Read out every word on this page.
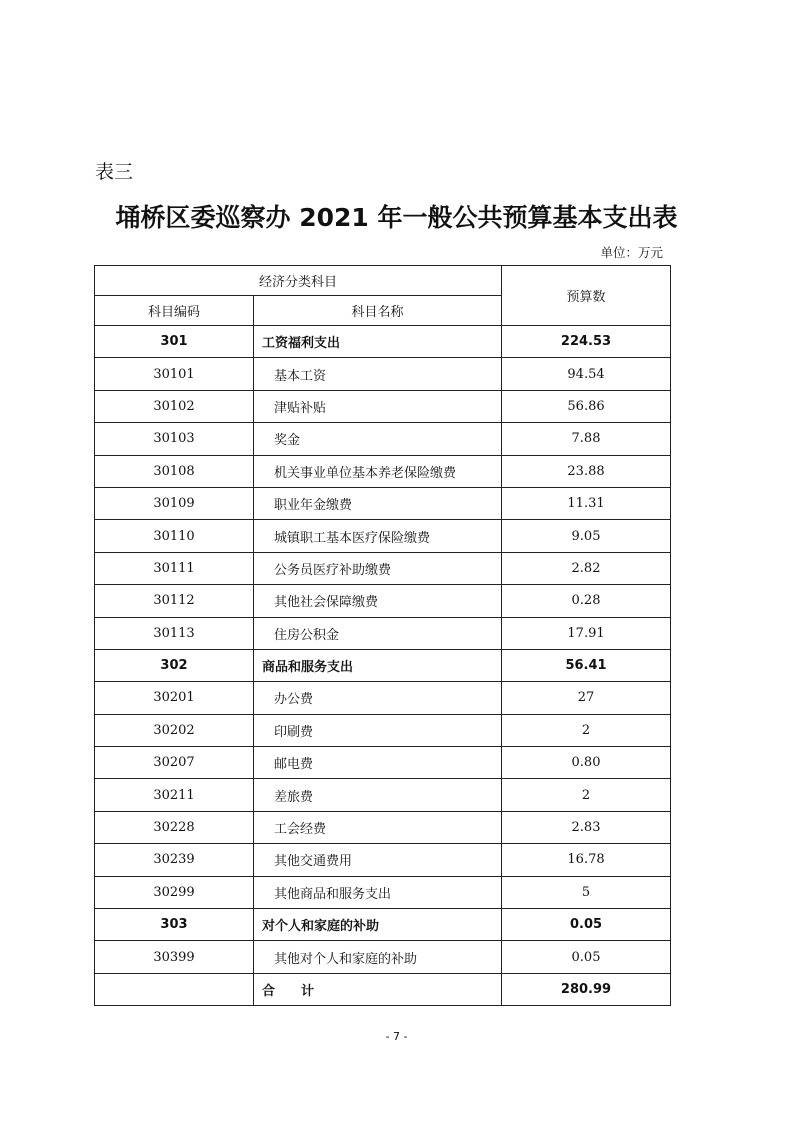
表三
埇桥区委巡察办 2021 年一般公共预算基本支出表
单位：万元
经济分类科目		预算数
科目编码	科目名称	
301	工资福利支出	224.53
30101	基本工资	94.54
30102	津贴补贴	56.86
30103	奖金	7.88
30108	机关事业单位基本养老保险缴费	23.88
30109	职业年金缴费	11.31
30110	城镇职工基本医疗保险缴费	9.05
30111	公务员医疗补助缴费	2.82
30112	其他社会保障缴费	0.28
30113	住房公积金	17.91
302	商品和服务支出	56.41
30201	办公费	27
30202	印刷费	2
30207	邮电费	0.80
30211	差旅费	2
30228	工会经费	2.83
30239	其他交通费用	16.78
30299	其他商品和服务支出	5
303	对个人和家庭的补助	0.05
30399	其他对个人和家庭的补助	0.05
	合　　计	280.99
- 7 -
